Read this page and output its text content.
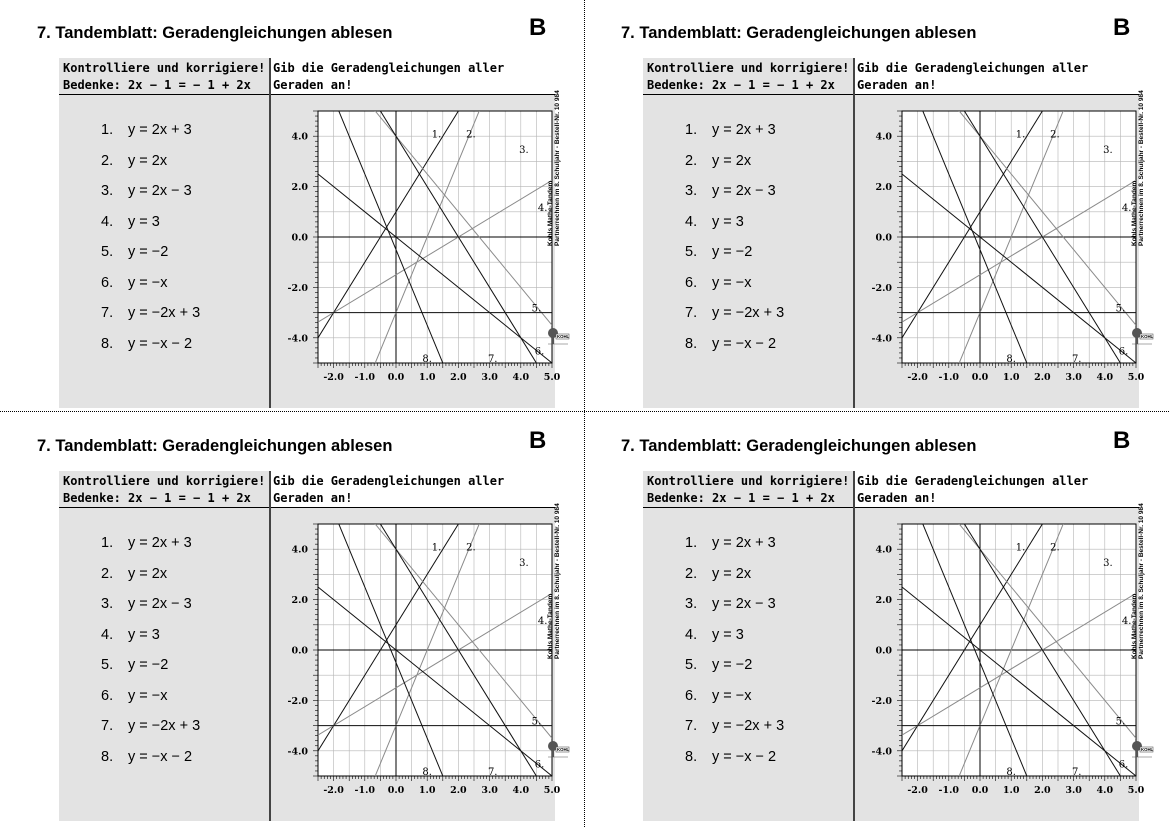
7. Tandemblatt: Geradengleichungen ablesen	B
1.	y = 2x + 3
2.	y = 2x
3.	y = 2x − 3
4.	y = 3
5.	y = −2
6.	y = −x
7.	y = −2x + 3
8.	y = −x − 2
-2.0 -1.0 0.0 1.0 2.0 3.0 4.0 5.0
4.0
2.0
0.0
-2.0
-4.0
1. 2.
3.
4.
5.
6.
7.
8.
Kontrolliere und korrigiere!
Bedenke: 2x − 1 = − 1 + 2x
Gib die Geradengleichungen aller
Geraden an!
Kohls Mathe-Tandem Partnerrechnen im 8. Schuljahr - Bestell-Nr. 10 984
KOHL
7. Tandemblatt: Geradengleichungen ablesen	B
1.	y = 2x + 3
2.	y = 2x
3.	y = 2x − 3
4.	y = 3
5.	y = −2
6.	y = −x
7.	y = −2x + 3
8.	y = −x − 2
-2.0 -1.0 0.0 1.0 2.0 3.0 4.0 5.0
4.0
2.0
0.0
-2.0
-4.0
1. 2.
3.
4.
5.
6.
7.
8.
Kontrolliere und korrigiere!
Bedenke: 2x − 1 = − 1 + 2x
Gib die Geradengleichungen aller
Geraden an!
Kohls Mathe-Tandem Partnerrechnen im 8. Schuljahr - Bestell-Nr. 10 984
KOHL
7. Tandemblatt: Geradengleichungen ablesen	B
1.	y = 2x + 3
2.	y = 2x
3.	y = 2x − 3
4.	y = 3
5.	y = −2
6.	y = −x
7.	y = −2x + 3
8.	y = −x − 2
-2.0 -1.0 0.0 1.0 2.0 3.0 4.0 5.0
4.0
2.0
0.0
-2.0
-4.0
1. 2.
3.
4.
5.
6.
7.
8.
Kontrolliere und korrigiere!
Bedenke: 2x − 1 = − 1 + 2x
Gib die Geradengleichungen aller
Geraden an!
Kohls Mathe-Tandem Partnerrechnen im 8. Schuljahr - Bestell-Nr. 10 984
KOHL
7. Tandemblatt: Geradengleichungen ablesen	B
1.	y = 2x + 3
2.	y = 2x
3.	y = 2x − 3
4.	y = 3
5.	y = −2
6.	y = −x
7.	y = −2x + 3
8.	y = −x − 2
-2.0 -1.0 0.0 1.0 2.0 3.0 4.0 5.0
4.0
2.0
0.0
-2.0
-4.0
1. 2.
3.
4.
5.
6.
7.
8.
Kontrolliere und korrigiere!
Bedenke: 2x − 1 = − 1 + 2x
Gib die Geradengleichungen aller
Geraden an!
Kohls Mathe-Tandem Partnerrechnen im 8. Schuljahr - Bestell-Nr. 10 984
KOHL
